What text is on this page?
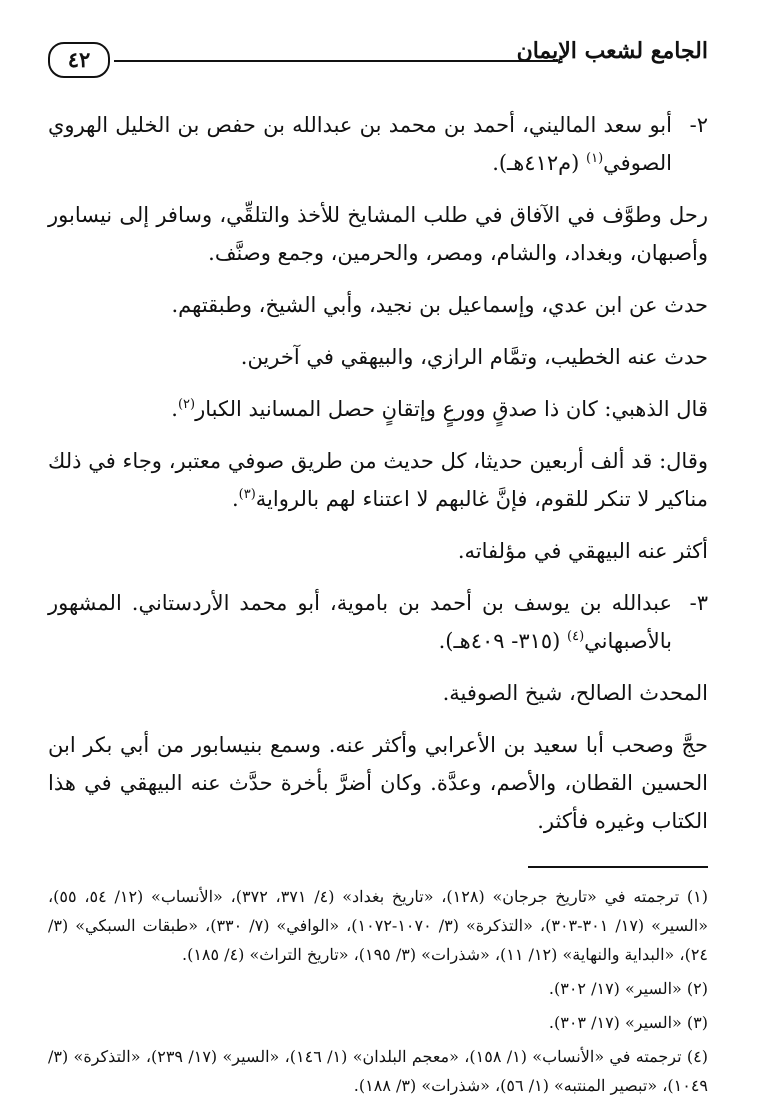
الجامع لشعب الإيمان
٤٢
٢-
أبو سعد الماليني، أحمد بن محمد بن عبدالله بن حفص بن الخليل الهروي الصوفي$^{(١)}$ (م٤١٢هـ).

رحل وطوَّف في الآفاق في طلب المشايخ للأخذ والتلقِّي، وسافر إلى نيسابور وأصبهان، وبغداد، والشام، ومصر، والحرمين، وجمع وصنَّف.

حدث عن ابن عدي، وإسماعيل بن نجيد، وأبي الشيخ، وطبقتهم.

حدث عنه الخطيب، وتمَّام الرازي، والبيهقي في آخرين.

قال الذهبي: كان ذا صدقٍ وورعٍ وإتقانٍ حصل المسانيد الكبار$^{(٢)}$.

وقال: قد ألف أربعين حديثا، كل حديث من طريق صوفي معتبر، وجاء في ذلك مناكير لا تنكر للقوم، فإنَّ غالبهم لا اعتناء لهم بالرواية$^{(٣)}$.

أكثر عنه البيهقي في مؤلفاته.

٣-
عبدالله بن يوسف بن أحمد بن باموية، أبو محمد الأردستاني. المشهور بالأصبهاني$^{(٤)}$ (٣١٥- ٤٠٩هـ).

المحدث الصالح، شيخ الصوفية.

حجَّ وصحب أبا سعيد بن الأعرابي وأكثر عنه. وسمع بنيسابور من أبي بكر ابن الحسين القطان، والأصم، وعدَّة. وكان أضرَّ بأخرة حدَّث عنه البيهقي في هذا الكتاب وغيره فأكثر.

(١) ترجمته في «تاريخ جرجان» (١٢٨)، «تاريخ بغداد» (٤/ ٣٧١، ٣٧٢)، «الأنساب» (١٢/ ٥٤، ٥٥)، «السير» (١٧/ ٣٠١-٣٠٣)، «التذكرة» (٣/ ١٠٧٠-١٠٧٢)، «الوافي» (٧/ ٣٣٠)، «طبقات السبكي» (٣/ ٢٤)، «البداية والنهاية» (١٢/ ١١)، «شذرات» (٣/ ١٩٥)، «تاريخ التراث» (٤/ ١٨٥).

(٢) «السير» (١٧/ ٣٠٢).

(٣) «السير» (١٧/ ٣٠٣).

(٤) ترجمته في «الأنساب» (١/ ١٥٨)، «معجم البلدان» (١/ ١٤٦)، «السير» (١٧/ ٢٣٩)، «التذكرة» (٣/ ١٠٤٩)، «تبصير المنتبه» (١/ ٥٦)، «شذرات» (٣/ ١٨٨).
